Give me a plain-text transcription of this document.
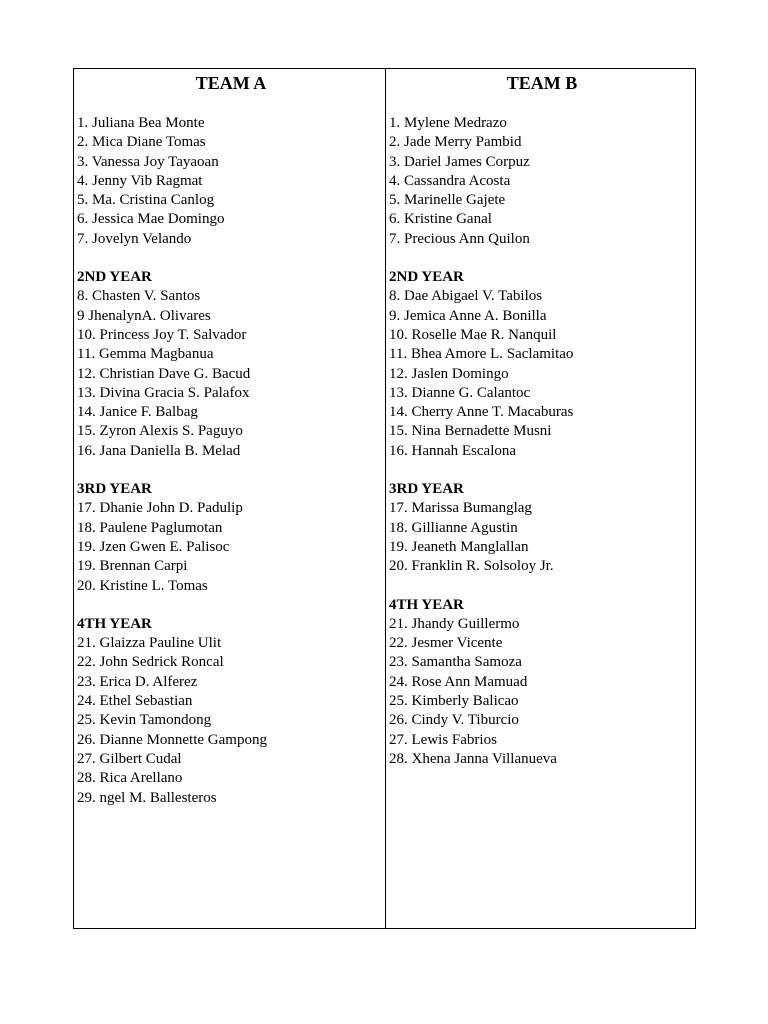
TEAM A
1. Juliana Bea Monte
2. Mica Diane Tomas
3. Vanessa Joy Tayaoan
4. Jenny Vib Ragmat
5. Ma. Cristina Canlog
6. Jessica Mae Domingo
7. Jovelyn Velando
2ND YEAR
8. Chasten V. Santos
9 JhenalynA. Olivares
10. Princess Joy T. Salvador
11. Gemma Magbanua
12. Christian Dave G. Bacud
13. Divina Gracia S. Palafox
14. Janice F. Balbag
15. Zyron Alexis S. Paguyo
16. Jana Daniella B. Melad
3RD YEAR
17. Dhanie John D. Padulip
18. Paulene Paglumotan
19. Jzen Gwen E. Palisoc
19. Brennan Carpi
20. Kristine L. Tomas
4TH YEAR
21. Glaizza Pauline Ulit
22. John Sedrick Roncal
23. Erica D. Alferez
24. Ethel Sebastian
25. Kevin Tamondong
26. Dianne Monnette Gampong
27. Gilbert Cudal
28. Rica Arellano
29. ngel M. Ballesteros
TEAM B
1. Mylene Medrazo
2. Jade Merry Pambid
3. Dariel James Corpuz
4. Cassandra Acosta
5. Marinelle Gajete
6. Kristine Ganal
7. Precious Ann Quilon
2ND YEAR
8. Dae Abigael V. Tabilos
9. Jemica Anne A. Bonilla
10. Roselle Mae R. Nanquil
11. Bhea Amore L. Saclamitao
12. Jaslen Domingo
13. Dianne G. Calantoc
14. Cherry Anne T. Macaburas
15. Nina Bernadette Musni
16. Hannah Escalona
3RD YEAR
17. Marissa Bumanglag
18. Gillianne Agustin
19. Jeaneth Manglallan
20. Franklin R. Solsoloy Jr.
4TH YEAR
21. Jhandy Guillermo
22. Jesmer Vicente
23. Samantha Samoza
24. Rose Ann Mamuad
25. Kimberly Balicao
26. Cindy V. Tiburcio
27. Lewis Fabrios
28. Xhena Janna Villanueva
